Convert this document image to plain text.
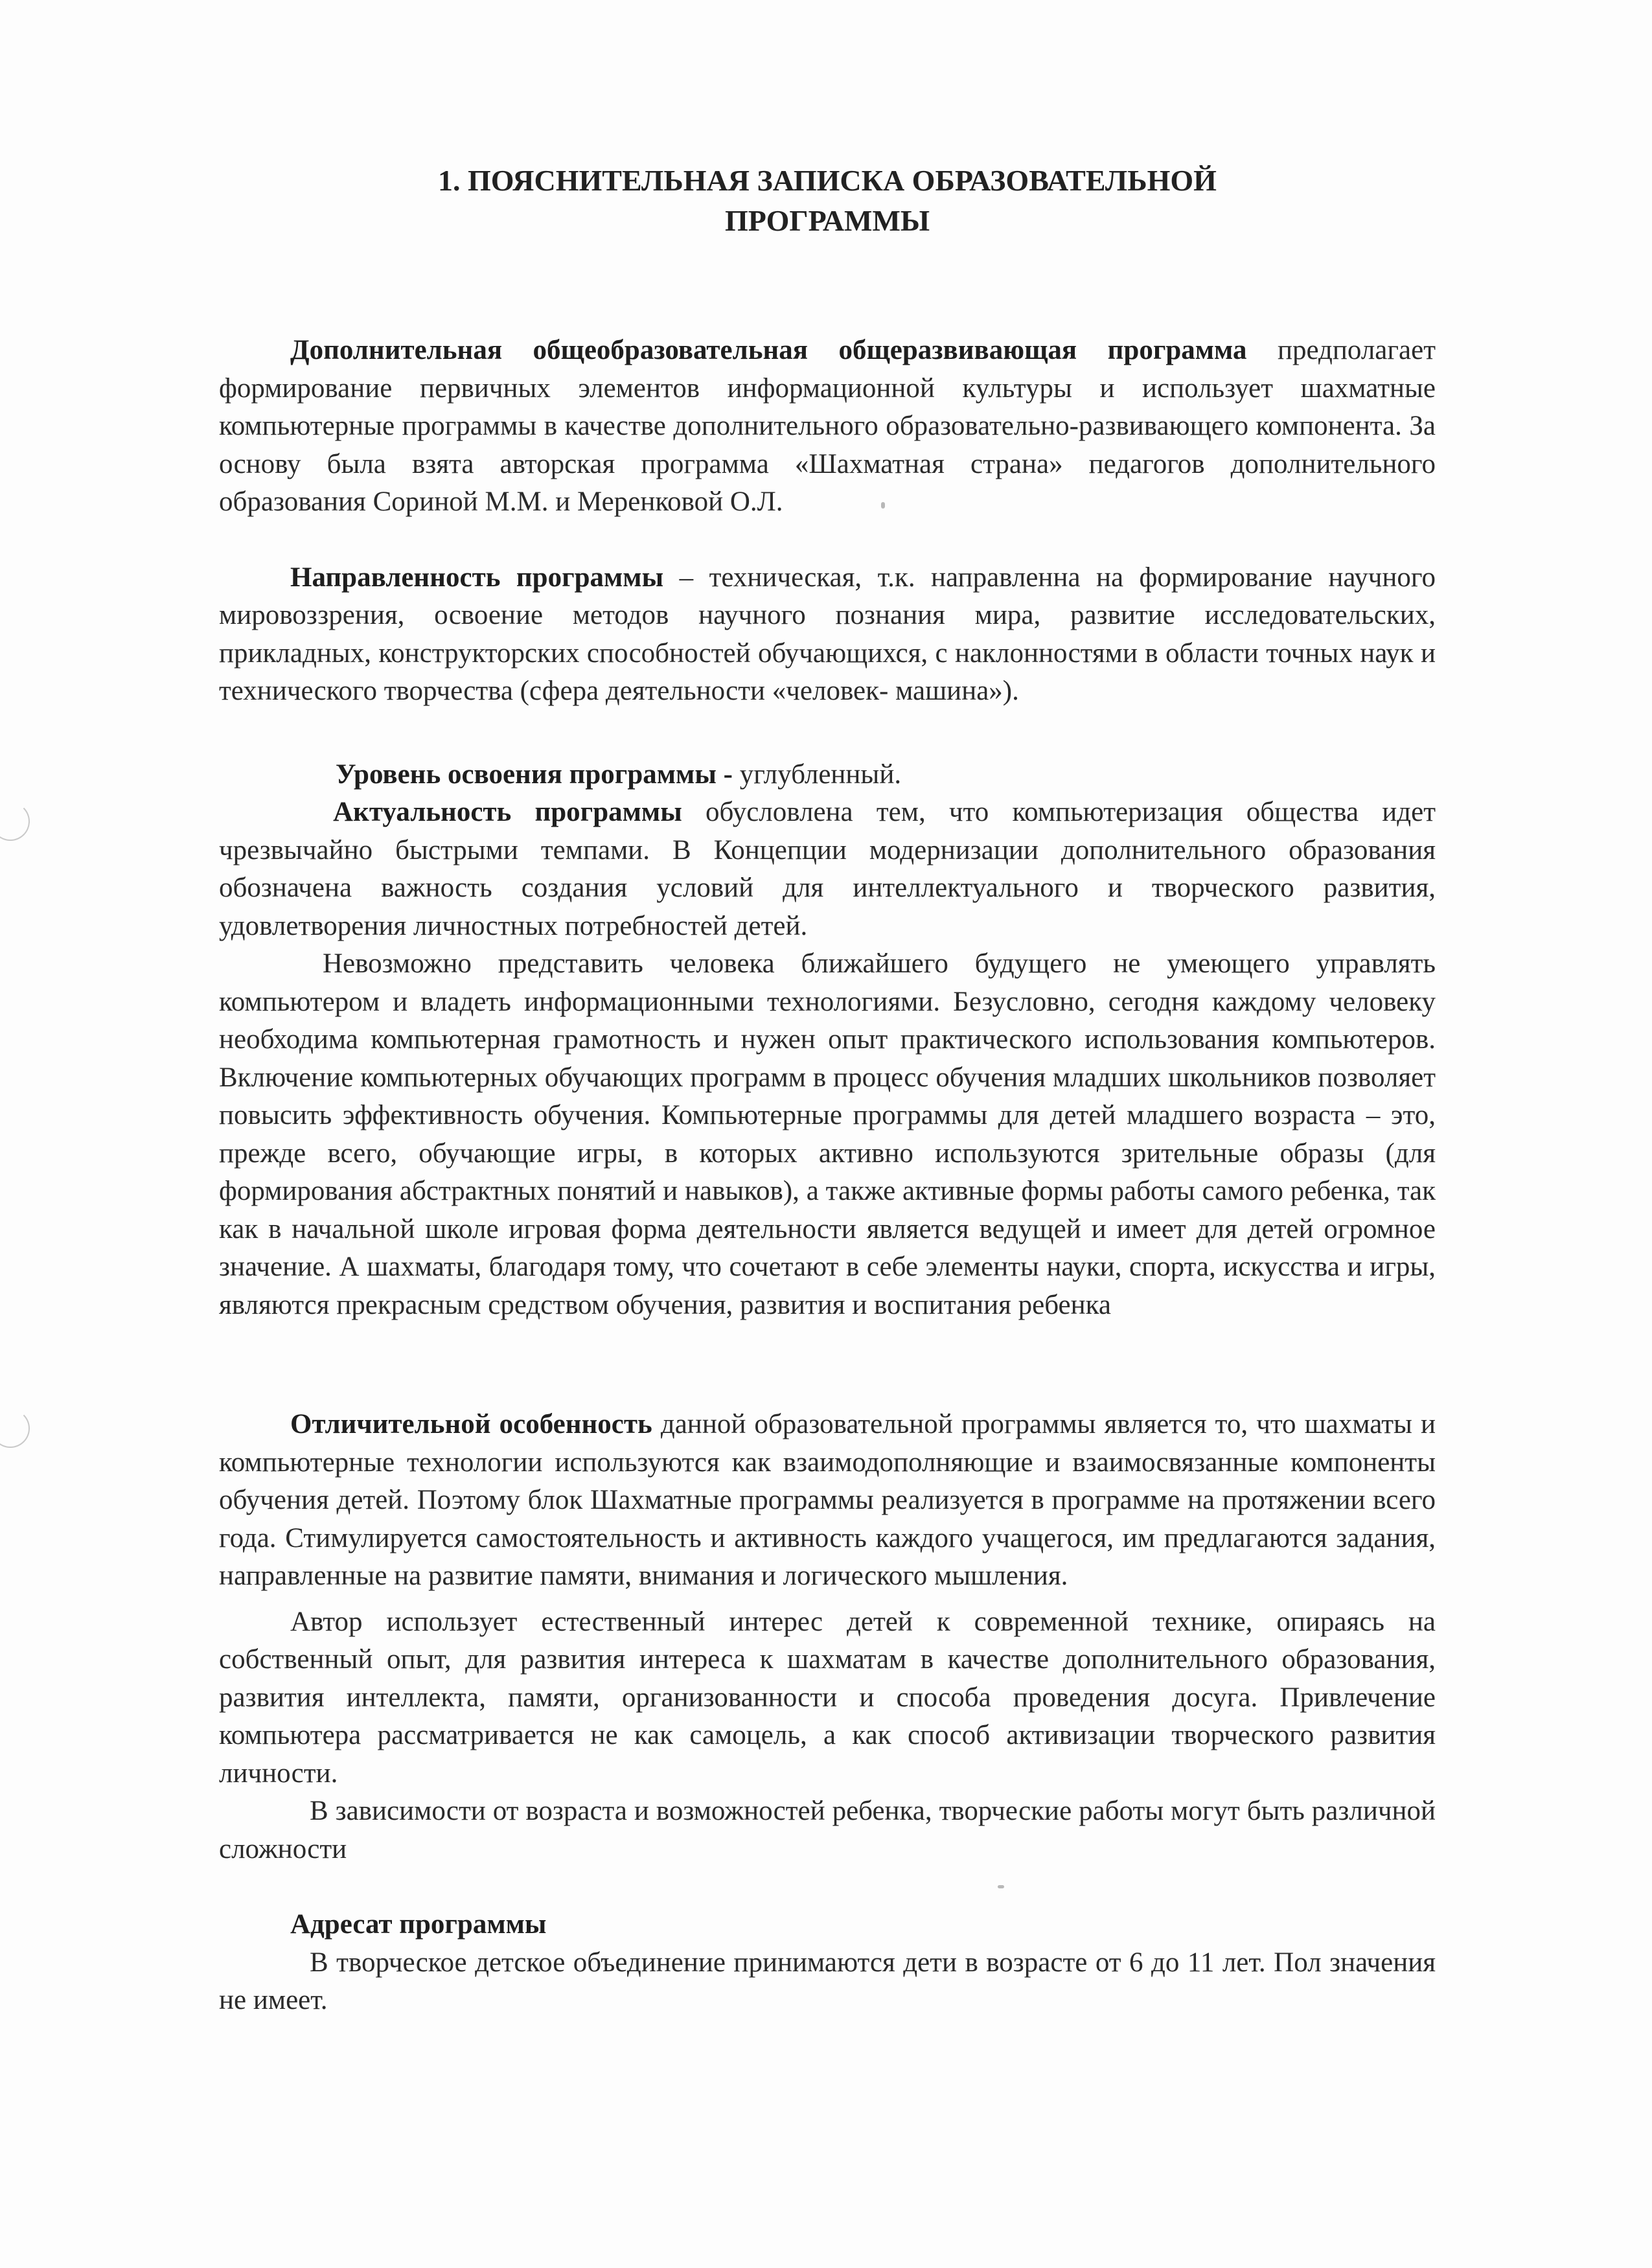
1. ПОЯСНИТЕЛЬНАЯ ЗАПИСКА ОБРАЗОВАТЕЛЬНОЙ
ПРОГРАММЫ

Дополнительная общеобразовательная общеразвивающая программа предполагает формирование первичных элементов информационной культуры и использует шахматные компьютерные программы в качестве дополнительного образовательно-развивающего компонента. За основу была взята авторская программа «Шахматная страна» педагогов дополнительного образования Сориной М.М. и Меренковой О.Л.

Направленность программы – техническая, т.к. направленна на формирование научного мировоззрения, освоение методов научного познания мира, развитие исследовательских, прикладных, конструкторских способностей обучающихся, с наклонностями в области точных наук и технического творчества (сфера деятельности «человек- машина»).

Уровень освоения программы - углубленный.

Актуальность программы обусловлена тем, что компьютеризация общества идет чрезвычайно быстрыми темпами. В Концепции модернизации дополнительного образования обозначена важность создания условий для интеллектуального и творческого развития, удовлетворения личностных потребностей детей.

Невозможно представить человека ближайшего будущего не умеющего управлять компьютером и владеть информационными технологиями. Безусловно, сегодня каждому человеку необходима компьютерная грамотность и нужен опыт практического использования компьютеров. Включение компьютерных обучающих программ в процесс обучения младших школьников позволяет повысить эффективность обучения. Компьютерные программы для детей младшего возраста – это, прежде всего, обучающие игры, в которых активно используются зрительные образы (для формирования абстрактных понятий и навыков), а также активные формы работы самого ребенка, так как в начальной школе игровая форма деятельности является ведущей и имеет для детей огромное значение. А шахматы, благодаря тому, что сочетают в себе элементы науки, спорта, искусства и игры, являются прекрасным средством обучения, развития и воспитания ребенка

Отличительной особенность данной образовательной программы является то, что шахматы и компьютерные технологии используются как взаимодополняющие и взаимосвязанные компоненты обучения детей. Поэтому блок Шахматные программы реализуется в программе на протяжении всего года. Стимулируется самостоятельность и активность каждого учащегося, им предлагаются задания, направленные на развитие памяти, внимания и логического мышления.

Автор использует естественный интерес детей к современной технике, опираясь на собственный опыт, для развития интереса к шахматам в качестве дополнительного образования, развития интеллекта, памяти, организованности и способа проведения досуга. Привлечение компьютера рассматривается не как самоцель, а как способ активизации творческого развития личности.

В зависимости от возраста и возможностей ребенка, творческие работы могут быть различной сложности

Адресат программы

В творческое детское объединение принимаются дети в возрасте от 6 до 11 лет. Пол значения не имеет.
